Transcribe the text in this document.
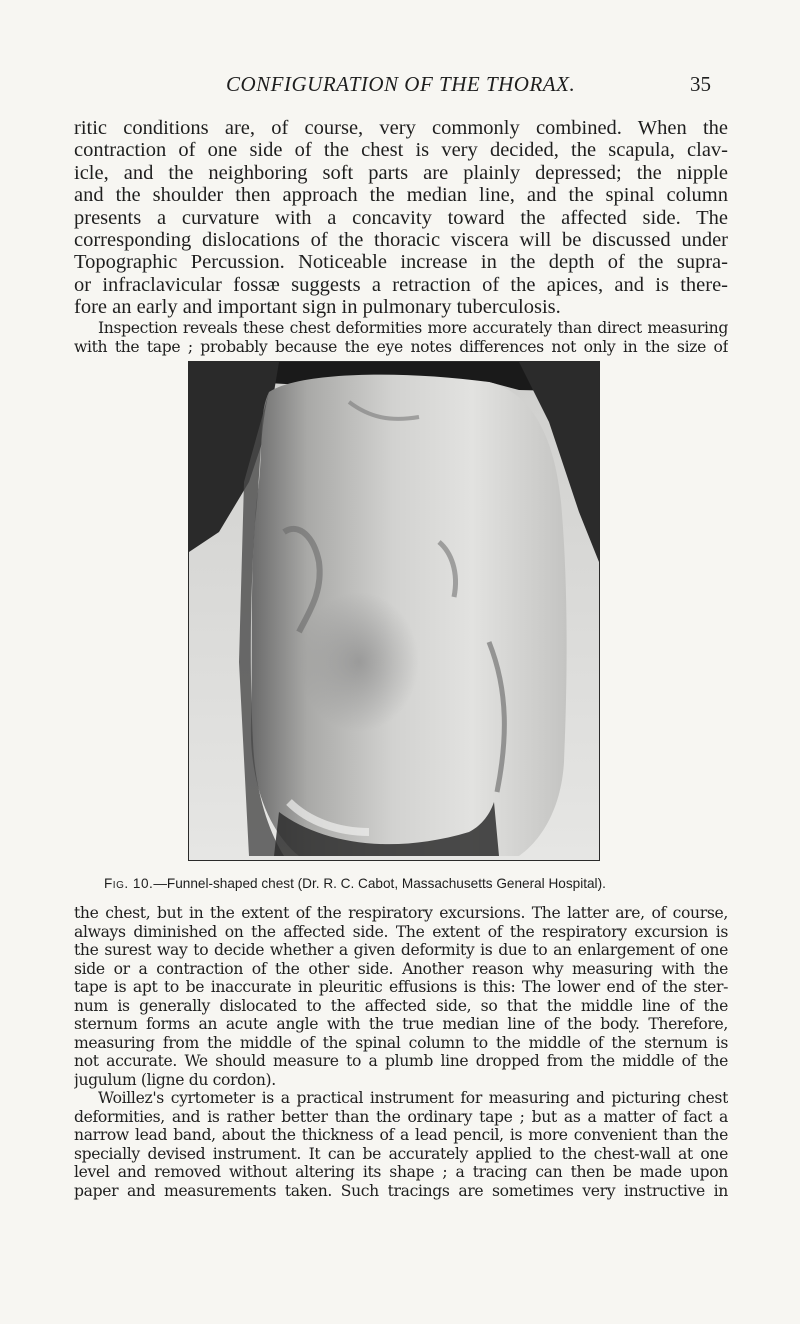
CONFIGURATION OF THE THORAX.	35
ritic conditions are, of course, very commonly combined. When the
contraction of one side of the chest is very decided, the scapula, clav-
icle, and the neighboring soft parts are plainly depressed; the nipple
and the shoulder then approach the median line, and the spinal column
presents a curvature with a concavity toward the affected side. The
corresponding dislocations of the thoracic viscera will be discussed under
Topographic Percussion. Noticeable increase in the depth of the supra-
or infraclavicular fossæ suggests a retraction of the apices, and is there-
fore an early and important sign in pulmonary tuberculosis.
Inspection reveals these chest deformities more accurately than direct measuring
with the tape ; probably because the eye notes differences not only in the size of
Fig. 10.—Funnel-shaped chest (Dr. R. C. Cabot, Massachusetts General Hospital).
the chest, but in the extent of the respiratory excursions. The latter are, of course,
always diminished on the affected side. The extent of the respiratory excursion is
the surest way to decide whether a given deformity is due to an enlargement of one
side or a contraction of the other side. Another reason why measuring with the
tape is apt to be inaccurate in pleuritic effusions is this: The lower end of the ster-
num is generally dislocated to the affected side, so that the middle line of the
sternum forms an acute angle with the true median line of the body. Therefore,
measuring from the middle of the spinal column to the middle of the sternum is
not accurate. We should measure to a plumb line dropped from the middle of the
jugulum (ligne du cordon).
Woillez's cyrtometer is a practical instrument for measuring and picturing chest
deformities, and is rather better than the ordinary tape ; but as a matter of fact a
narrow lead band, about the thickness of a lead pencil, is more convenient than the
specially devised instrument. It can be accurately applied to the chest-wall at one
level and removed without altering its shape ; a tracing can then be made upon
paper and measurements taken. Such tracings are sometimes very instructive in
